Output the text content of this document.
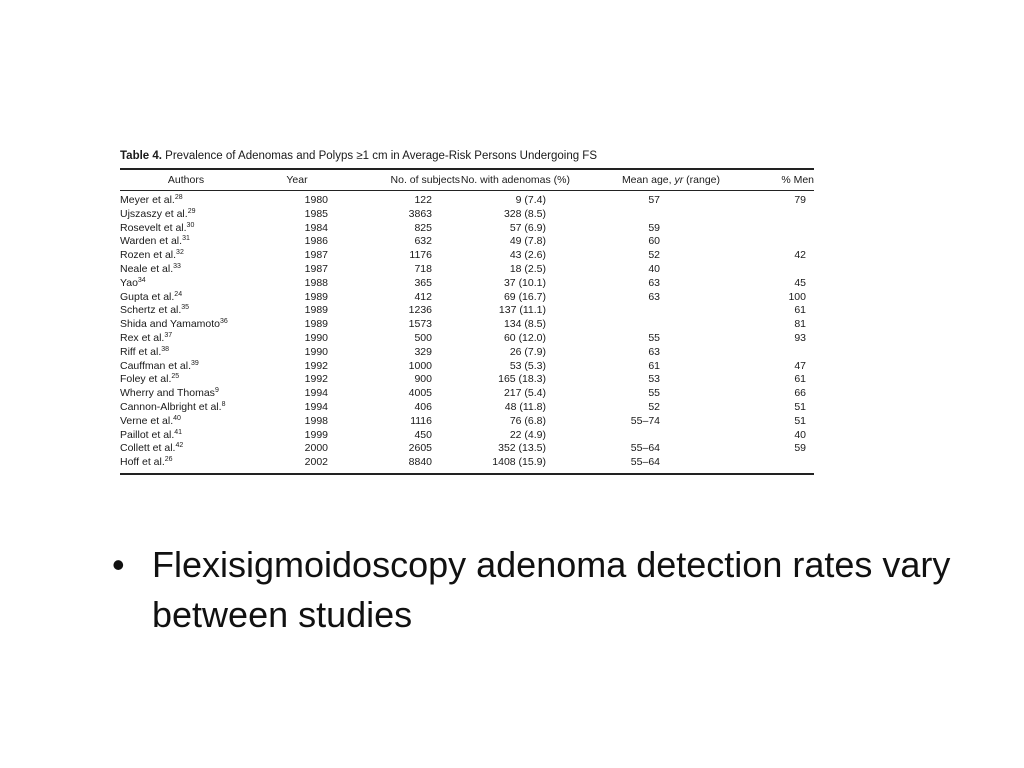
Table 4. Prevalence of Adenomas and Polyps ≥1 cm in Average-Risk Persons Undergoing FS
Authors	Year	No. of subjects	No. with adenomas (%)	Mean age, yr (range)	% Men

Meyer et al.$^{28}$	1980	122	9 (7.4)	57	79
Ujszaszy et al.$^{29}$	1985	3863	328 (8.5)		
Rosevelt et al.$^{30}$	1984	825	57 (6.9)	59	
Warden et al.$^{31}$	1986	632	49 (7.8)	60	
Rozen et al.$^{32}$	1987	1176	43 (2.6)	52	42
Neale et al.$^{33}$	1987	718	18 (2.5)	40	
Yao$^{34}$	1988	365	37 (10.1)	63	45
Gupta et al.$^{24}$	1989	412	69 (16.7)	63	100
Schertz et al.$^{35}$	1989	1236	137 (11.1)		61
Shida and Yamamoto$^{36}$	1989	1573	134 (8.5)		81
Rex et al.$^{37}$	1990	500	60 (12.0)	55	93
Riff et al.$^{38}$	1990	329	26 (7.9)	63	
Cauffman et al.$^{39}$	1992	1000	53 (5.3)	61	47
Foley et al.$^{25}$	1992	900	165 (18.3)	53	61
Wherry and Thomas$^9$	1994	4005	217 (5.4)	55	66
Cannon-Albright et al.$^8$	1994	406	48 (11.8)	52	51
Verne et al.$^{40}$	1998	1116	76 (6.8)	55–74	51
Paillot et al.$^{41}$	1999	450	22 (4.9)		40
Collett et al.$^{42}$	2000	2605	352 (13.5)	55–64	59
Hoff et al.$^{26}$	2002	8840	1408 (15.9)	55–64	
• Flexisigmoidoscopy adenoma detection rates vary between studies
